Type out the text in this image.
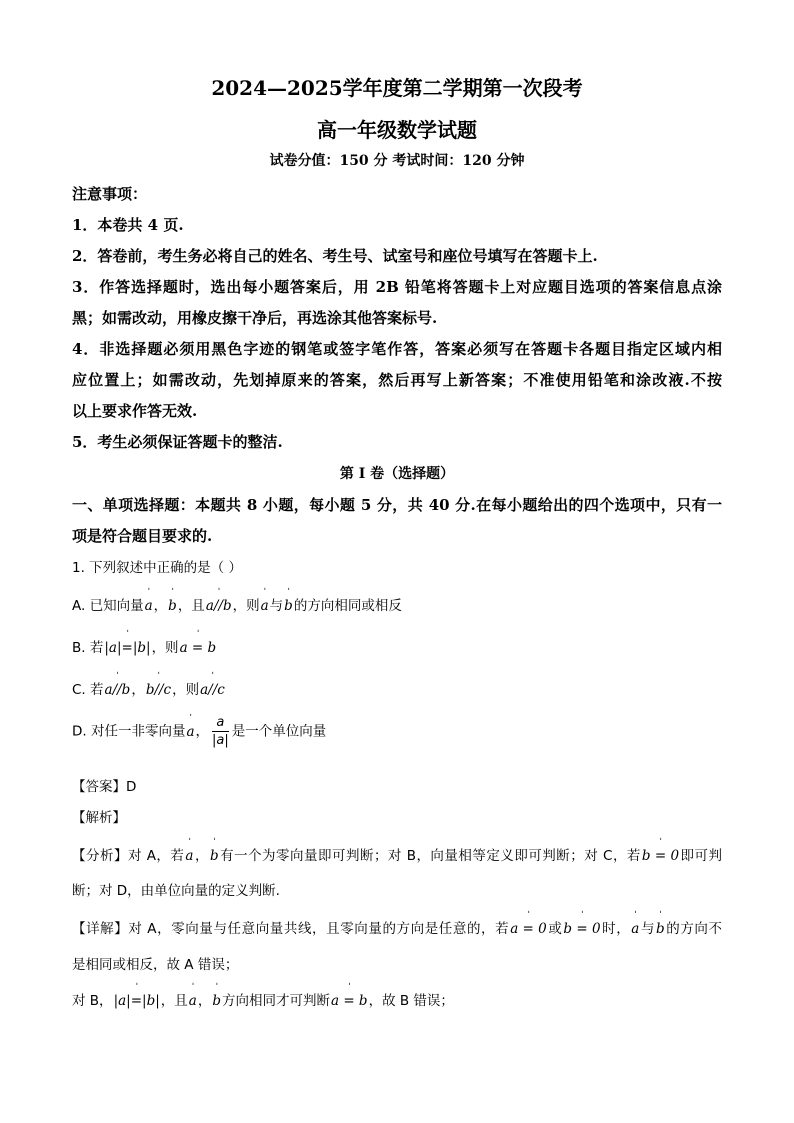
2024—2025学年度第二学期第一次段考
高一年级数学试题
试卷分值：150 分 考试时间：120 分钟
注意事项：
1．本卷共 4 页.
2．答卷前，考生务必将自己的姓名、考生号、试室号和座位号填写在答题卡上.
3．作答选择题时，选出每小题答案后，用 2B 铅笔将答题卡上对应题目选项的答案信息点涂
黑；如需改动，用橡皮擦干净后，再选涂其他答案标号.
4．非选择题必须用黑色字迹的钢笔或签字笔作答，答案必须写在答题卡各题目指定区域内相
应位置上；如需改动，先划掉原来的答案，然后再写上新答案；不准使用铅笔和涂改液.不按
以上要求作答无效.
5．考生必须保证答题卡的整洁.
第 I 卷（选择题）
一、单项选择题：本题共 8 小题，每小题 5 分，共 40 分.在每小题给出的四个选项中，只有一
项是符合题目要求的.
1. 下列叙述中正确的是（ ）
A. 已知向量ˈ a，ˈ b，且ˈ a//b，则ˈ a与ˈ b的方向相同或相反
B. 若ˈ |a|=|b|，则ˈ a = b
C. 若ˈ a//b，ˈ b//c，则ˈ a//c
D. 对任一非零向量ˈ a， $\frac{a}{|a|}$ 是一个单位向量
【答案】D
【解析】
【分析】对 A，若ˈ a，ˈ b有一个为零向量即可判断；对 B，向量相等定义即可判断；对 C，若ˈ b = 0即可判
断；对 D，由单位向量的定义判断.
【详解】对 A，零向量与任意向量共线，且零向量的方向是任意的，若ˈ a = 0或ˈ b = 0时，ˈ a与ˈ b的方向不
是相同或相反，故 A 错误；
对 B，ˈ |a|=|b|，且ˈ a，ˈ b方向相同才可判断ˈ a = b，故 B 错误；
